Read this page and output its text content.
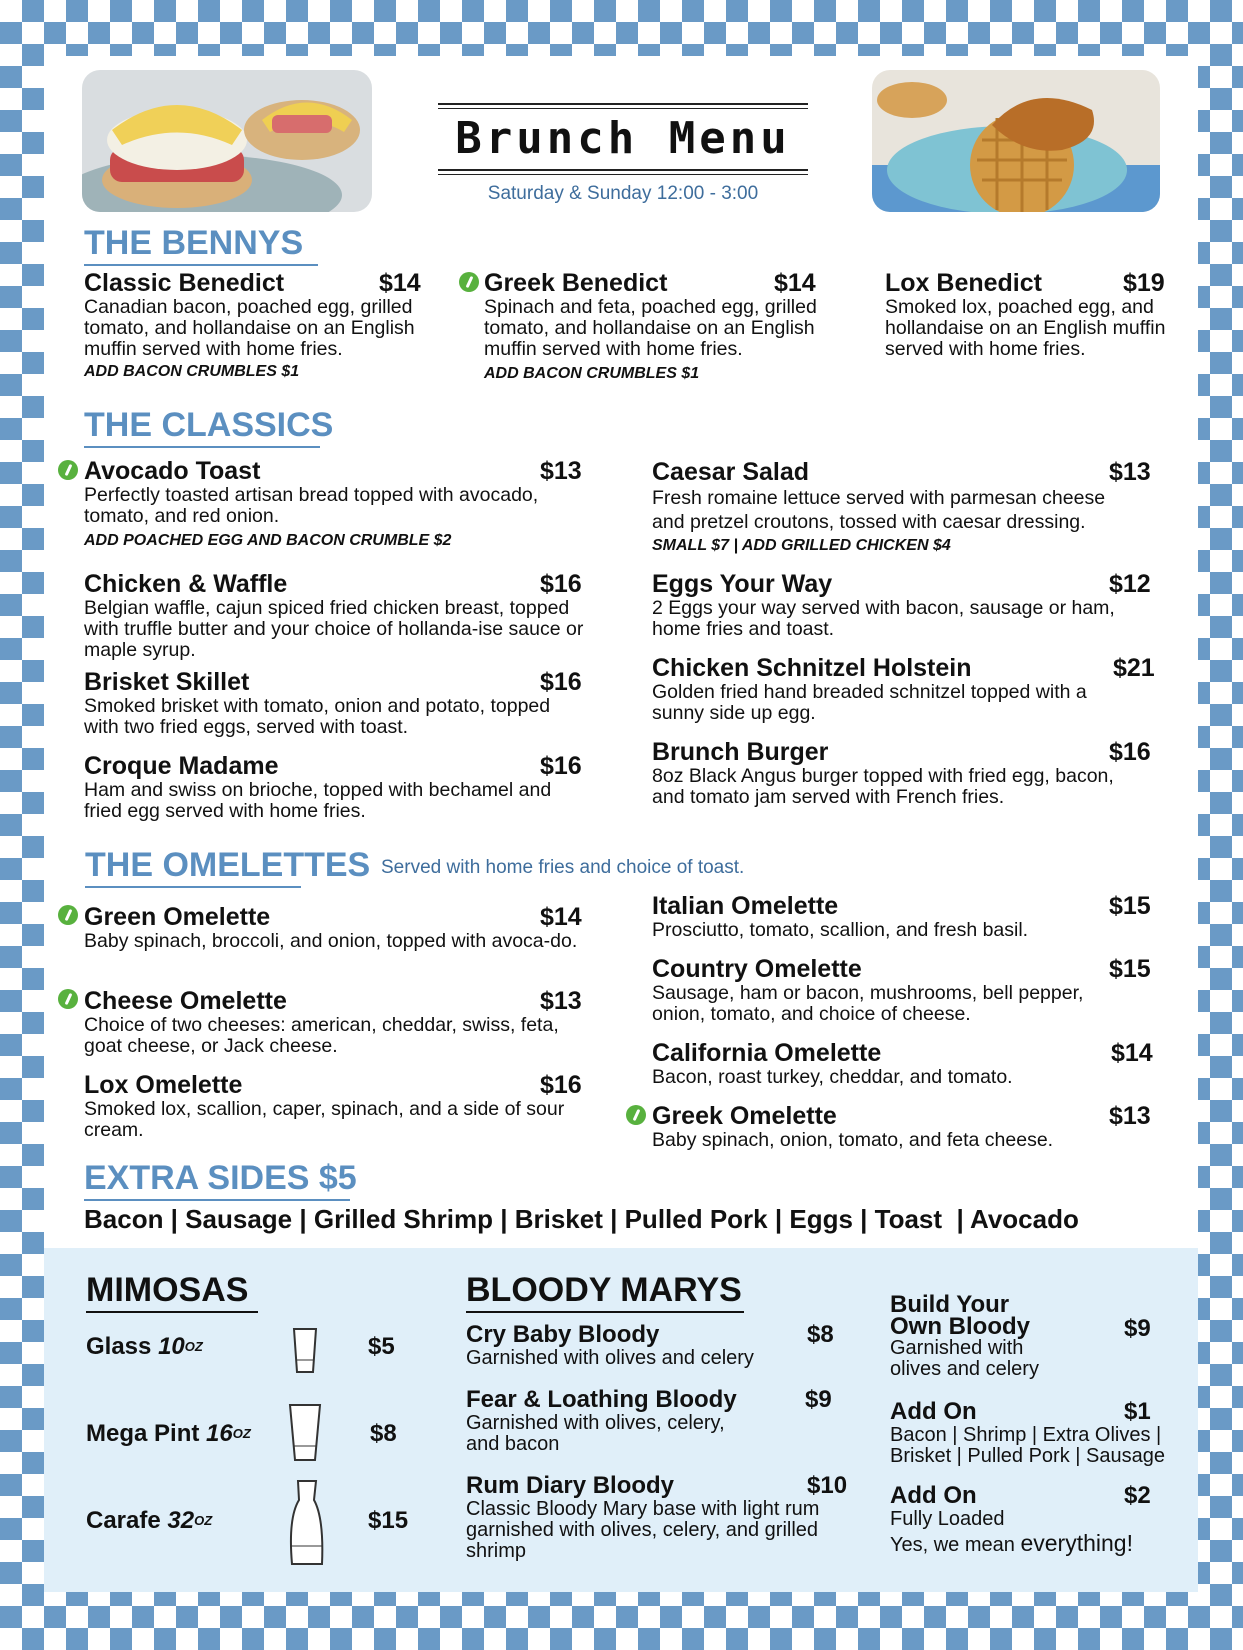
Brunch Menu
Saturday & Sunday 12:00 - 3:00
THE BENNYS
Classic Benedict	$14
Canadian bacon, poached egg, grilled tomato, and hollandaise on an English muffin served with home fries. ADD BACON CRUMBLES $1
Greek Benedict	$14
Spinach and feta, poached egg, grilled tomato, and hollandaise on an English muffin served with home fries.
ADD BACON CRUMBLES $1
Lox Benedict	$19
Smoked lox, poached egg, and hollandaise on an English muffin served with home fries.
THE CLASSICS
Avocado Toast	$13
Perfectly toasted artisan bread topped with avocado, tomato, and red onion.
ADD POACHED EGG AND BACON CRUMBLE $2
Chicken & Waffle	$16
Belgian waffle, cajun spiced fried chicken breast, topped with truffle butter and your choice of hollanda-ise sauce or maple syrup.
Brisket Skillet	$16
Smoked brisket with tomato, onion and potato, topped with two fried eggs, served with toast.
Croque Madame	$16
Ham and swiss on brioche, topped with bechamel and fried egg served with home fries.
Caesar Salad	$13
Fresh romaine lettuce served with parmesan cheese and pretzel croutons, tossed with caesar dressing.
SMALL $7 | ADD GRILLED CHICKEN $4
Eggs Your Way	$12
2 Eggs your way served with bacon, sausage or ham, home fries and toast.
Chicken Schnitzel Holstein	$21
Golden fried hand breaded schnitzel topped with a sunny side up egg.
Brunch Burger	$16
8oz Black Angus burger topped with fried egg, bacon, and tomato jam served with French fries.
THE OMELETTES Served with home fries and choice of toast.
Green Omelette	$14
Baby spinach, broccoli, and onion, topped with avoca-do.
Cheese Omelette	$13
Choice of two cheeses: american, cheddar, swiss, feta, goat cheese, or Jack cheese.
Lox Omelette	$16
Smoked lox, scallion, caper, spinach, and a side of sour cream.
Italian Omelette	$15
Prosciutto, tomato, scallion, and fresh basil.
Country Omelette	$15
Sausage, ham or bacon, mushrooms, bell pepper, onion, tomato, and choice of cheese.
California Omelette	$14
Bacon, roast turkey, cheddar, and tomato.
Greek Omelette	$13
Baby spinach, onion, tomato, and feta cheese.
EXTRA SIDES $5
Bacon | Sausage | Grilled Shrimp | Brisket | Pulled Pork | Eggs | Toast  | Avocado
MIMOSAS
Glass $10^{OZ}$	$5
Mega Pint $16^{OZ}$	$8
Carafe $32^{OZ}$	$15
BLOODY MARYS
Cry Baby Bloody	$8
Garnished with olives and celery
Fear & Loathing Bloody	$9
Garnished with olives, celery, and bacon
Rum Diary Bloody	$10
Classic Bloody Mary base with light rum garnished with olives, celery, and grilled shrimp
Build Your
Own Bloody	$9
Garnished with olives and celery
Add On	$1
Bacon | Shrimp | Extra Olives | Brisket | Pulled Pork | Sausage
Add On	$2
Fully Loaded
Yes, we mean everything!
